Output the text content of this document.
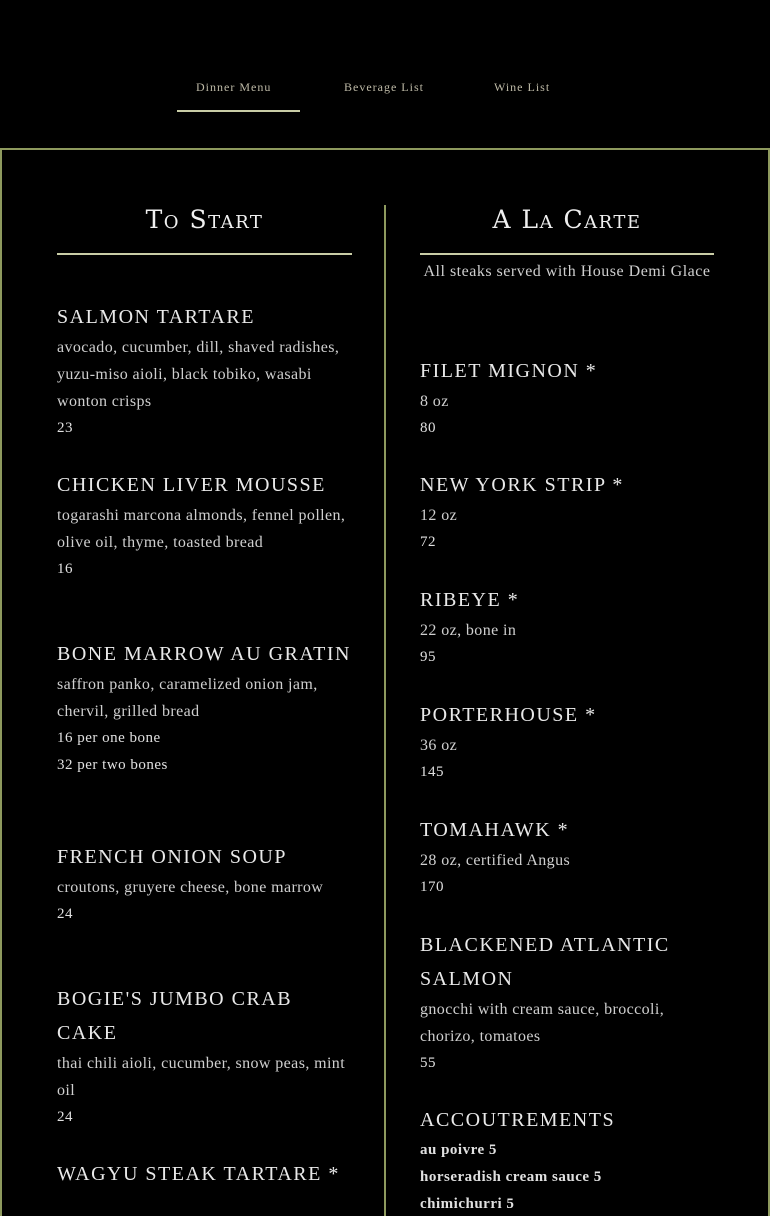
Dinner Menu	Beverage List	Wine List
To Start
SALMON TARTARE
avocado, cucumber, dill, shaved radishes, yuzu-miso aioli, black tobiko, wasabi wonton crisps
23
CHICKEN LIVER MOUSSE
togarashi marcona almonds, fennel pollen, olive oil, thyme, toasted bread
16
BONE MARROW AU GRATIN
saffron panko, caramelized onion jam, chervil, grilled bread
16 per one bone
32 per two bones
FRENCH ONION SOUP
croutons, gruyere cheese, bone marrow
24
BOGIE'S JUMBO CRAB CAKE
thai chili aioli, cucumber, snow peas, mint oil
24
WAGYU STEAK TARTARE *
A La Carte
All steaks served with House Demi Glace
FILET MIGNON *
8 oz
80
NEW YORK STRIP *
12 oz
72
RIBEYE *
22 oz, bone in
95
PORTERHOUSE *
36 oz
145
TOMAHAWK *
28 oz, certified Angus
170
BLACKENED ATLANTIC SALMON
gnocchi with cream sauce, broccoli, chorizo, tomatoes
55
ACCOUTREMENTS
au poivre 5
horseradish cream sauce 5
chimichurri 5
